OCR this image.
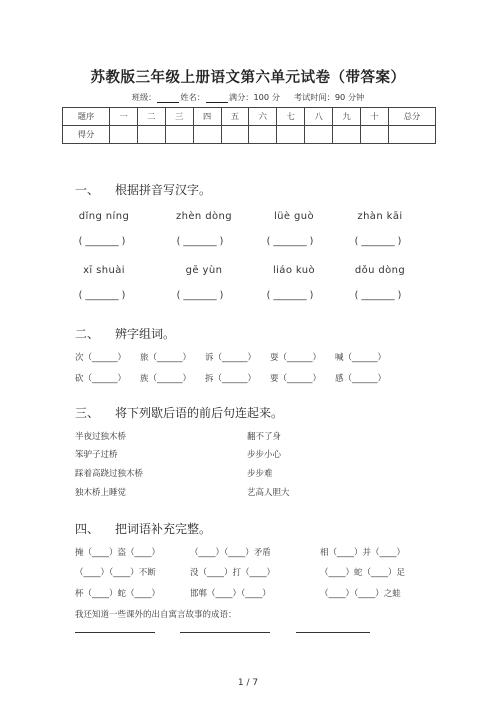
苏教版三年级上册语文第六单元试卷（带答案）
班级：	姓名：	满分：100 分 考试时间：90 分钟
题序	一	二	三	四	五	六	七	八	九	十	总分
得分											
一、 根据拼音写汉字。
dǐng níng	zhèn dòng	lüè guò	zhàn kāi
( _______ )	( _______ )	( _______ )	( _______ )
xī shuài	gē yùn	liáo kuò	dǒu dòng
( _______ )	( _______ )	( _______ )	( _______ )
二、 辨字组词。
次（______） 旅（______） 诉（______） 耍（______） 喊（______）
砍（______） 族（______） 拆（______） 要（______） 感（______）
三、 将下列歇后语的前后句连起来。
半夜过独木桥
笨驴子过桥
踩着高跷过独木桥
独木桥上睡觉
翻不了身
步步小心
步步难
艺高人胆大
四、 把词语补充完整。
掩（____）盗（____）	（____）（____）矛盾	相（____）并（____）
（____）（____）不断	没（____）打（____）	（____）蛇（____）足
杯（____）蛇（____）	邯郸（____）（____）	（____）（____）之蛙
我还知道一些课外的出自寓言故事的成语：
1 / 7
